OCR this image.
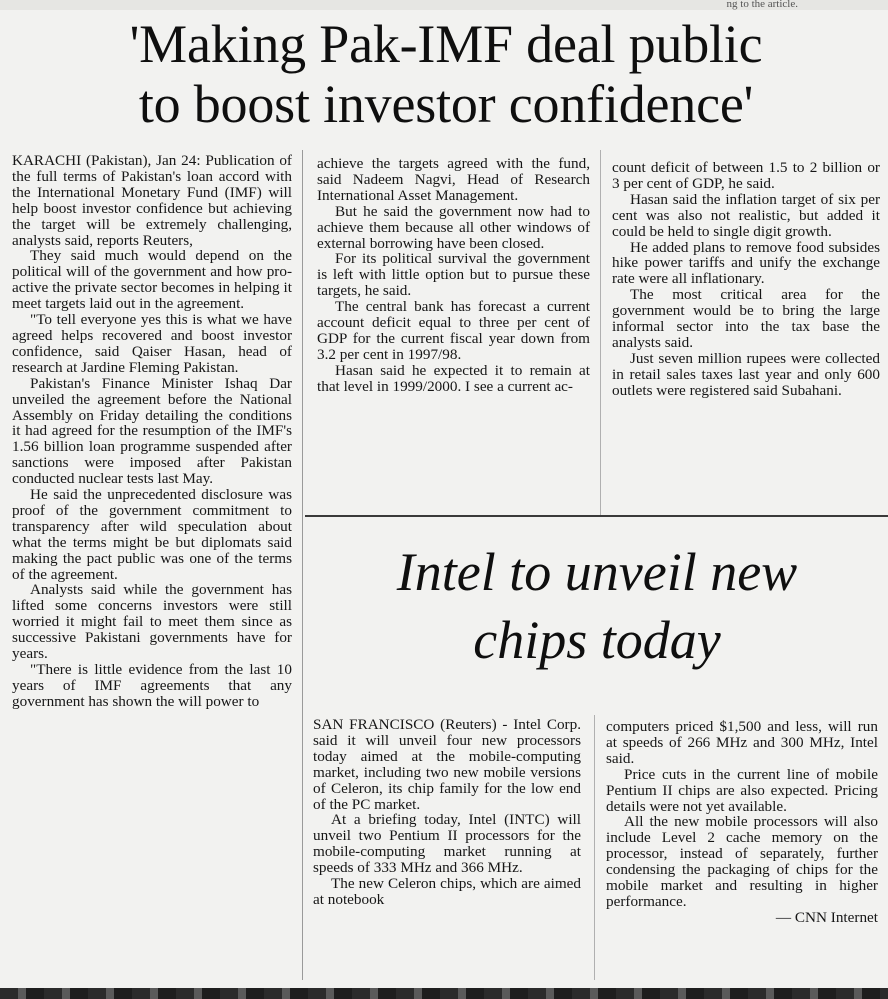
ng to the article.
'Making Pak-IMF deal public
to boost investor confidence'

KARACHI (Pakistan), Jan 24: Publication of the full terms of Pakistan's loan accord with the International Monetary Fund (IMF) will help boost investor confidence but achieving the target will be extremely challenging, analysts said, reports Reuters,

They said much would depend on the political will of the government and how pro-active the private sector becomes in helping it meet targets laid out in the agreement.

"To tell everyone yes this is what we have agreed helps recovered and boost investor confidence, said Qaiser Hasan, head of research at Jardine Fleming Pakistan.

Pakistan's Finance Minister Ishaq Dar unveiled the agreement before the National Assembly on Friday detailing the conditions it had agreed for the resumption of the IMF's 1.56 billion loan programme suspended after sanctions were imposed after Pakistan conducted nuclear tests last May.

He said the unprecedented disclosure was proof of the government commitment to transparency after wild speculation about what the terms might be but diplomats said making the pact public was one of the terms of the agreement.

Analysts said while the government has lifted some concerns investors were still worried it might fail to meet them since as successive Pakistani governments have for years.

"There is little evidence from the last 10 years of IMF agreements that any government has shown the will power to

achieve the targets agreed with the fund, said Nadeem Nagvi, Head of Research International Asset Management.

But he said the government now had to achieve them because all other windows of external borrowing have been closed.

For its political survival the government is left with little option but to pursue these targets, he said.

The central bank has forecast a current account deficit equal to three per cent of GDP for the current fiscal year down from 3.2 per cent in 1997/98.

Hasan said he expected it to remain at that level in 1999/2000. I see a current ac-

count deficit of between 1.5 to 2 billion or 3 per cent of GDP, he said.

Hasan said the inflation target of six per cent was also not realistic, but added it could be held to single digit growth.

He added plans to remove food subsides hike power tariffs and unify the exchange rate were all inflationary.

The most critical area for the government would be to bring the large informal sector into the tax base the analysts said.

Just seven million rupees were collected in retail sales taxes last year and only 600 outlets were registered said Subahani.

Intel to unveil new
chips today

SAN FRANCISCO (Reuters) - Intel Corp. said it will unveil four new processors today aimed at the mobile-computing market, including two new mobile versions of Celeron, its chip family for the low end of the PC market.

At a briefing today, Intel (INTC) will unveil two Pentium II processors for the mobile-computing market running at speeds of 333 MHz and 366 MHz.

The new Celeron chips, which are aimed at notebook

computers priced $1,500 and less, will run at speeds of 266 MHz and 300 MHz, Intel said.

Price cuts in the current line of mobile Pentium II chips are also expected. Pricing details were not yet available.

All the new mobile processors will also include Level 2 cache memory on the processor, instead of separately, further condensing the packaging of chips for the mobile market and resulting in higher performance.

— CNN Internet
